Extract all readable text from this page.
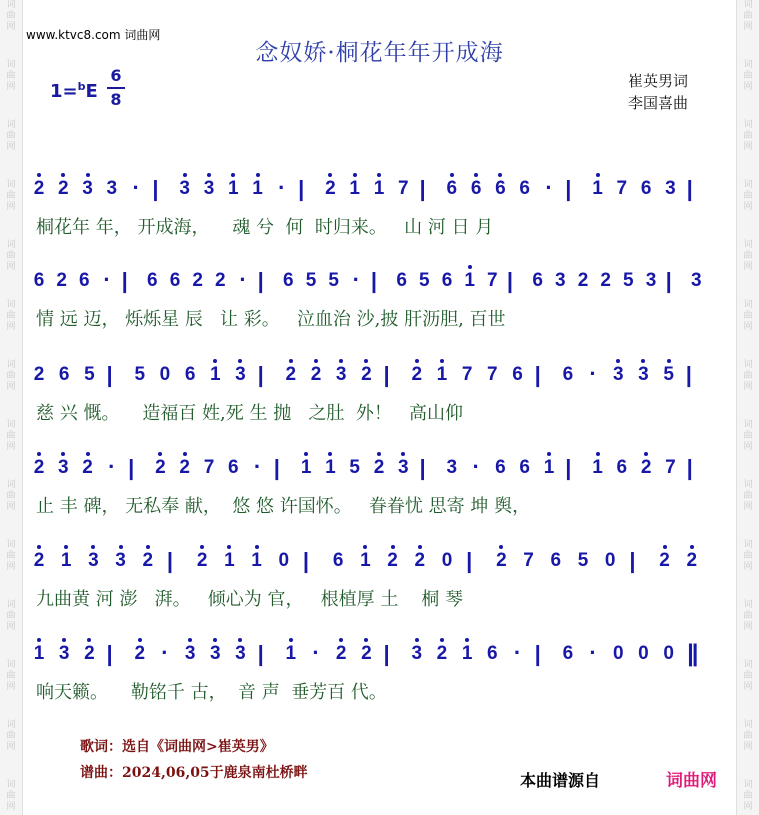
www.ktvc8.com 词曲网
念奴娇·桐花年年开成海
1=$^b$E
6
8
崔英男词
李国喜曲
2 2 3 3 · | 3 3 1 1 · | 2 1 1 7 | 6 6 6 6 · | 1 7 6 3 |
桐花年 年， 开成海，    魂 兮  何  时归来。   山 河 日 月
6 2 6 · | 6 6 2 2 · | 6 5 5 · | 6 5 6 1 7 | 6 3 2 2 5 3 | 3
情 远 迈， 烁烁星 辰   让 彩。   泣血治 沙,披 肝沥胆, 百世
2 6 5 | 5 0 6 1 3 | 2 2 3 2 | 2 1 7 7 6 | 6 · 3 3 5 |
慈 兴 慨。    造福百 姓,死 生 抛   之肚  外！   高山仰
2 3 2 · | 2 2 7 6 · | 1 1 5 2 3 | 3 · 6 6 1 | 1 6 2 7 |
止 丰 碑， 无私奉 献，  悠 悠 许国怀。   眷眷忧 思寄 坤 舆，
2 1 3 3 2 | 2 1 1 0 | 6 1 2 2 0 | 2 7 6 5 0 | 2 2
九曲黄 河 澎   湃。   倾心为 官，   根植厚 土    桐 琴
1 3 2 | 2 · 3 3 3 | 1 · 2 2 | 3 2 1 6 · | 6 · 0 0 0 ||
响天籁。    勒铭千 古，  音 声  垂芳百 代。
歌词：选自《词曲网>崔英男》
谱曲：2024,06,05于鹿泉南杜桥畔	本曲谱源自	词曲网
词
曲
网
词
曲
网
词
曲
网
词
曲
网
词
曲
网
词
曲
网
词
曲
网
词
曲
网
词
曲
网
词
曲
网
词
曲
网
词
曲
网
词
曲
网
词
曲
网
词
曲
网
词
曲
网
词
曲
网
词
曲
网
词
曲
网
词
曲
网
词
曲
网
词
曲
网
词
曲
网
词
曲
网
词
曲
网
词
曲
网
词
曲
网
词
曲
网
